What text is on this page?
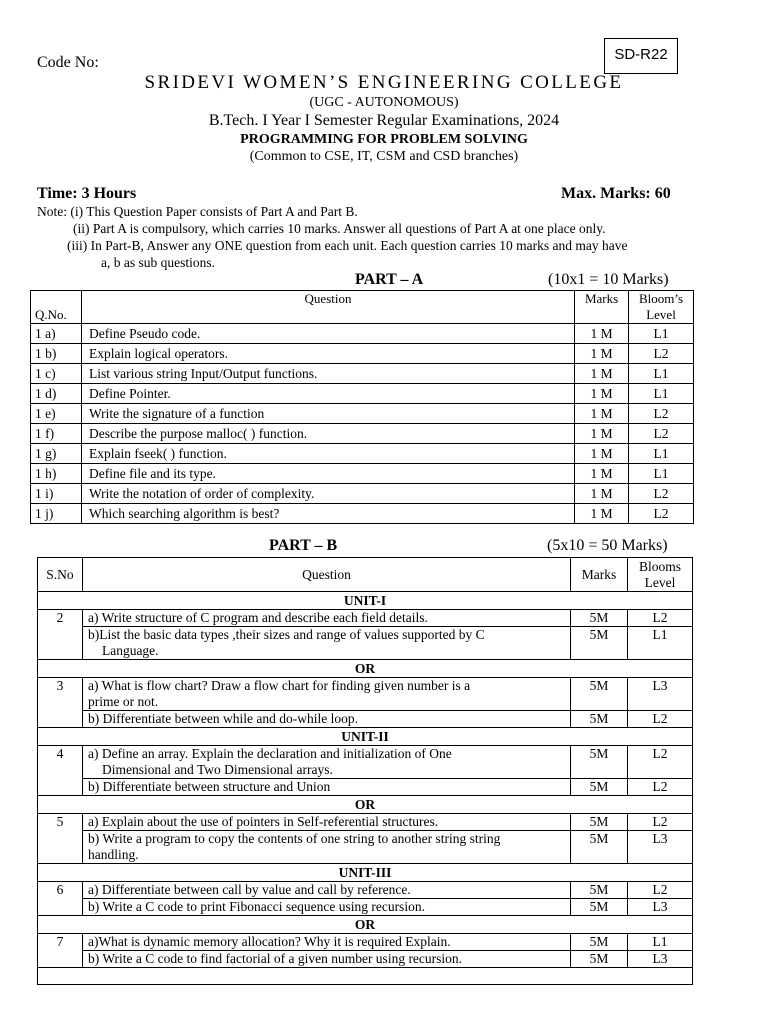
Code No:	SD-R22
SRIDEVI WOMEN’S ENGINEERING COLLEGE
(UGC - AUTONOMOUS)
B.Tech. I Year I Semester Regular Examinations, 2024
PROGRAMMING FOR PROBLEM SOLVING
(Common to CSE, IT, CSM and CSD branches)
Time: 3 Hours	Max. Marks: 60
Note: (i) This Question Paper consists of Part A and Part B.
(ii) Part A is compulsory, which carries 10 marks. Answer all questions of Part A at one place only.
(iii) In Part-B, Answer any ONE question from each unit. Each question carries 10 marks and may have
a, b as sub questions.
PART – A	(10x1 = 10 Marks)
Q.No.	Question	Marks	Bloom’s
Level
1 a)	Define Pseudo code.	1 M	L1
1 b)	Explain logical operators.	1 M	L2
1 c)	List various string Input/Output functions.	1 M	L1
1 d)	Define Pointer.	1 M	L1
1 e)	Write the signature of a function	1 M	L2
1 f)	Describe the purpose malloc( ) function.	1 M	L2
1 g)	Explain fseek( ) function.	1 M	L1
1 h)	Define file and its type.	1 M	L1
1 i)	Write the notation of order of complexity.	1 M	L2
1 j)	Which searching algorithm is best?	1 M	L2
PART – B	(5x10 = 50 Marks)
S.No	Question	Marks	Blooms
Level
UNIT-I			
2	a) Write structure of C program and describe each field details.	5M	L2
	b)List the basic data types ,their sizes and range of values supported by C
Language.	5M	L1
OR			
3	a) What is flow chart? Draw a flow chart for finding given number is a
prime or not.	5M	L3
	b) Differentiate between while and do-while loop.	5M	L2
UNIT-II			
4	a) Define an array. Explain the declaration and initialization of One
Dimensional and Two Dimensional arrays.	5M	L2
	b) Differentiate between structure and Union	5M	L2
OR			
5	a) Explain about the use of pointers in Self-referential structures.	5M	L2
	b) Write a program to copy the contents of one string to another string string
handling.	5M	L3
UNIT-III			
6	a) Differentiate between call by value and call by reference.	5M	L2
	b) Write a C code to print Fibonacci sequence using recursion.	5M	L3
OR			
7	a)What is dynamic memory allocation? Why it is required Explain.	5M	L1
	b) Write a C code to find factorial of a given number using recursion.	5M	L3
